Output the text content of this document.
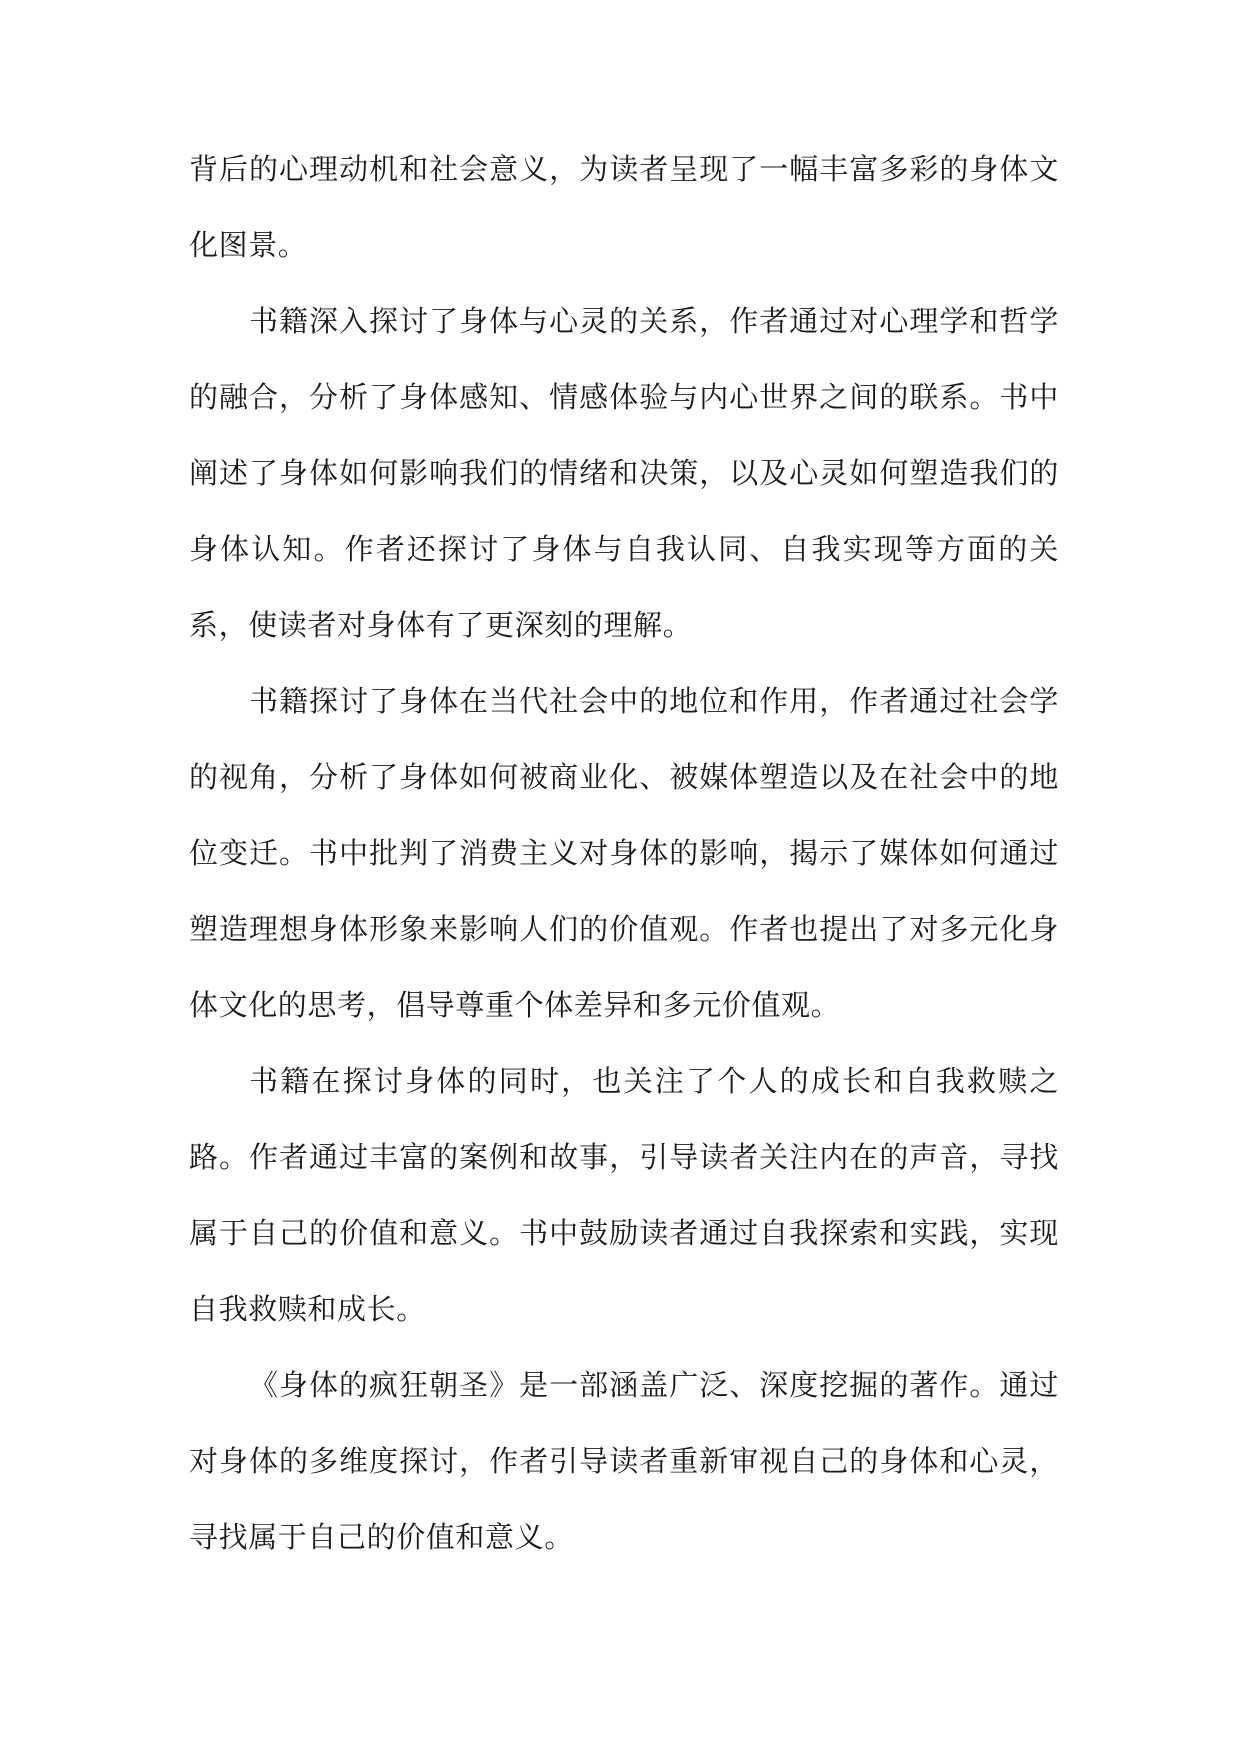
背后的心理动机和社会意义，为读者呈现了一幅丰富多彩的身体文化图景。

书籍深入探讨了身体与心灵的关系，作者通过对心理学和哲学的融合，分析了身体感知、情感体验与内心世界之间的联系。书中阐述了身体如何影响我们的情绪和决策，以及心灵如何塑造我们的身体认知。作者还探讨了身体与自我认同、自我实现等方面的关系，使读者对身体有了更深刻的理解。

书籍探讨了身体在当代社会中的地位和作用，作者通过社会学的视角，分析了身体如何被商业化、被媒体塑造以及在社会中的地位变迁。书中批判了消费主义对身体的影响，揭示了媒体如何通过塑造理想身体形象来影响人们的价值观。作者也提出了对多元化身体文化的思考，倡导尊重个体差异和多元价值观。

书籍在探讨身体的同时，也关注了个人的成长和自我救赎之路。作者通过丰富的案例和故事，引导读者关注内在的声音，寻找属于自己的价值和意义。书中鼓励读者通过自我探索和实践，实现自我救赎和成长。

《身体的疯狂朝圣》是一部涵盖广泛、深度挖掘的著作。通过对身体的多维度探讨，作者引导读者重新审视自己的身体和心灵，寻找属于自己的价值和意义。
